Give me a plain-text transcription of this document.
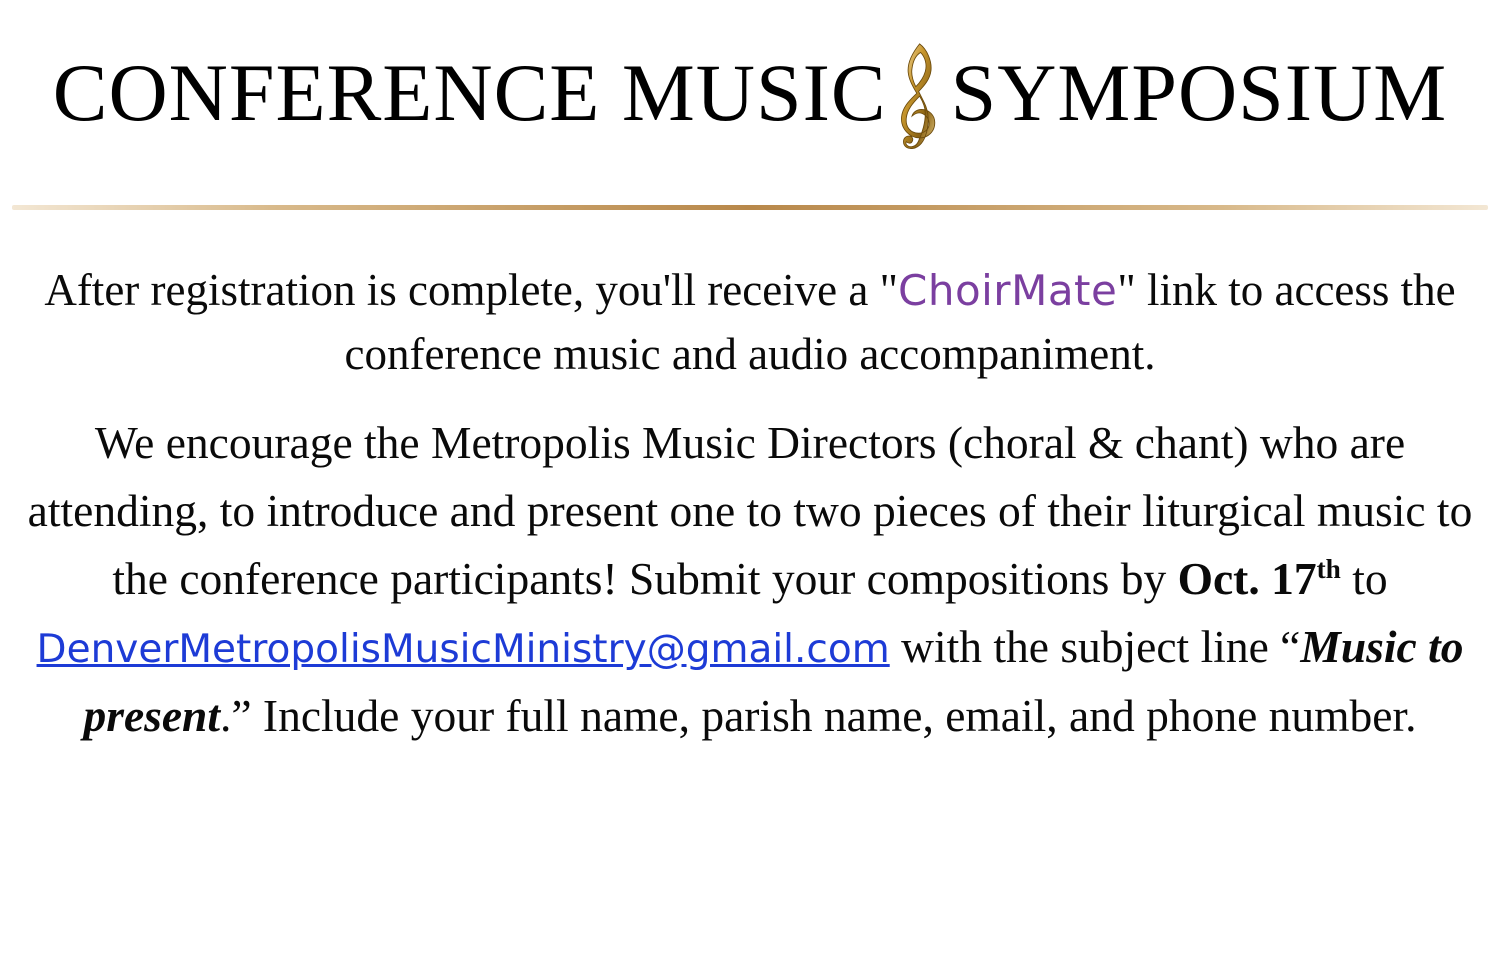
CONFERENCE MUSIC SYMPOSIUM

After registration is complete, you'll receive a "ChoirMate" link to access the conference music and audio accompaniment.

We encourage the Metropolis Music Directors (choral & chant) who are attending, to introduce and present one to two pieces of their liturgical music to the conference participants! Submit your compositions by Oct. 17th to DenverMetropolisMusicMinistry@gmail.com with the subject line “Music to present.” Include your full name, parish name, email, and phone number.
